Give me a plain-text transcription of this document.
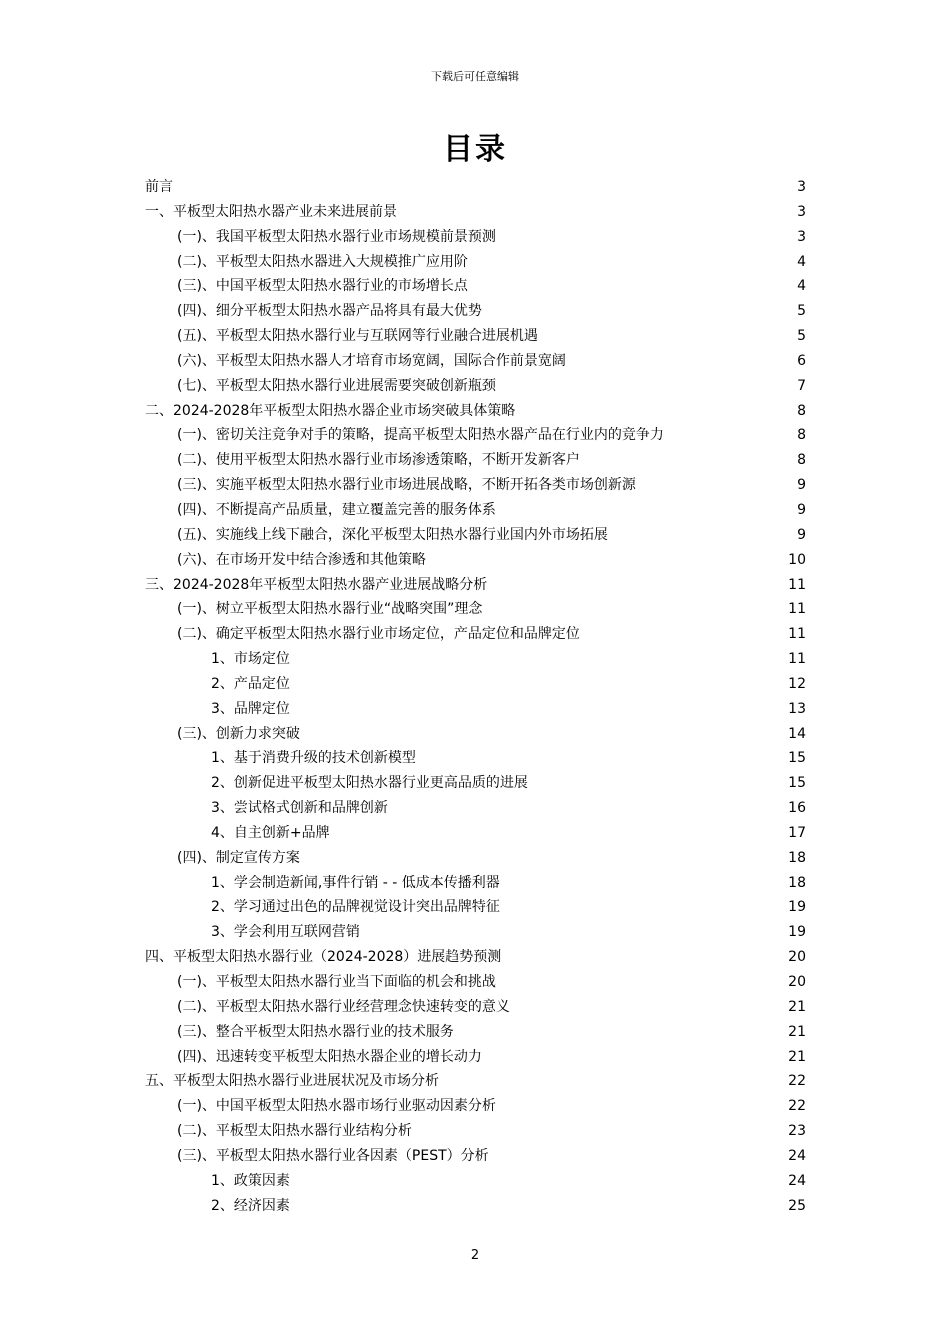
下载后可任意编辑
目录
前言	3
一、平板型太阳热水器产业未来进展前景	3
(一)、我国平板型太阳热水器行业市场规模前景预测	3
(二)、平板型太阳热水器进入大规模推广应用阶	4
(三)、中国平板型太阳热水器行业的市场增长点	4
(四)、细分平板型太阳热水器产品将具有最大优势	5
(五)、平板型太阳热水器行业与互联网等行业融合进展机遇	5
(六)、平板型太阳热水器人才培育市场宽阔，国际合作前景宽阔	6
(七)、平板型太阳热水器行业进展需要突破创新瓶颈	7
二、2024-2028年平板型太阳热水器企业市场突破具体策略	8
(一)、密切关注竞争对手的策略，提高平板型太阳热水器产品在行业内的竞争力	8
(二)、使用平板型太阳热水器行业市场渗透策略，不断开发新客户	8
(三)、实施平板型太阳热水器行业市场进展战略，不断开拓各类市场创新源	9
(四)、不断提高产品质量，建立覆盖完善的服务体系	9
(五)、实施线上线下融合，深化平板型太阳热水器行业国内外市场拓展	9
(六)、在市场开发中结合渗透和其他策略	10
三、2024-2028年平板型太阳热水器产业进展战略分析	11
(一)、树立平板型太阳热水器行业“战略突围”理念	11
(二)、确定平板型太阳热水器行业市场定位，产品定位和品牌定位	11
1、市场定位	11
2、产品定位	12
3、品牌定位	13
(三)、创新力求突破	14
1、基于消费升级的技术创新模型	15
2、创新促进平板型太阳热水器行业更高品质的进展	15
3、尝试格式创新和品牌创新	16
4、自主创新+品牌	17
(四)、制定宣传方案	18
1、学会制造新闻,事件行销 - - 低成本传播利器	18
2、学习通过出色的品牌视觉设计突出品牌特征	19
3、学会利用互联网营销	19
四、平板型太阳热水器行业（2024-2028）进展趋势预测	20
(一)、平板型太阳热水器行业当下面临的机会和挑战	20
(二)、平板型太阳热水器行业经营理念快速转变的意义	21
(三)、整合平板型太阳热水器行业的技术服务	21
(四)、迅速转变平板型太阳热水器企业的增长动力	21
五、平板型太阳热水器行业进展状况及市场分析	22
(一)、中国平板型太阳热水器市场行业驱动因素分析	22
(二)、平板型太阳热水器行业结构分析	23
(三)、平板型太阳热水器行业各因素（PEST）分析	24
1、政策因素	24
2、经济因素	25
2
